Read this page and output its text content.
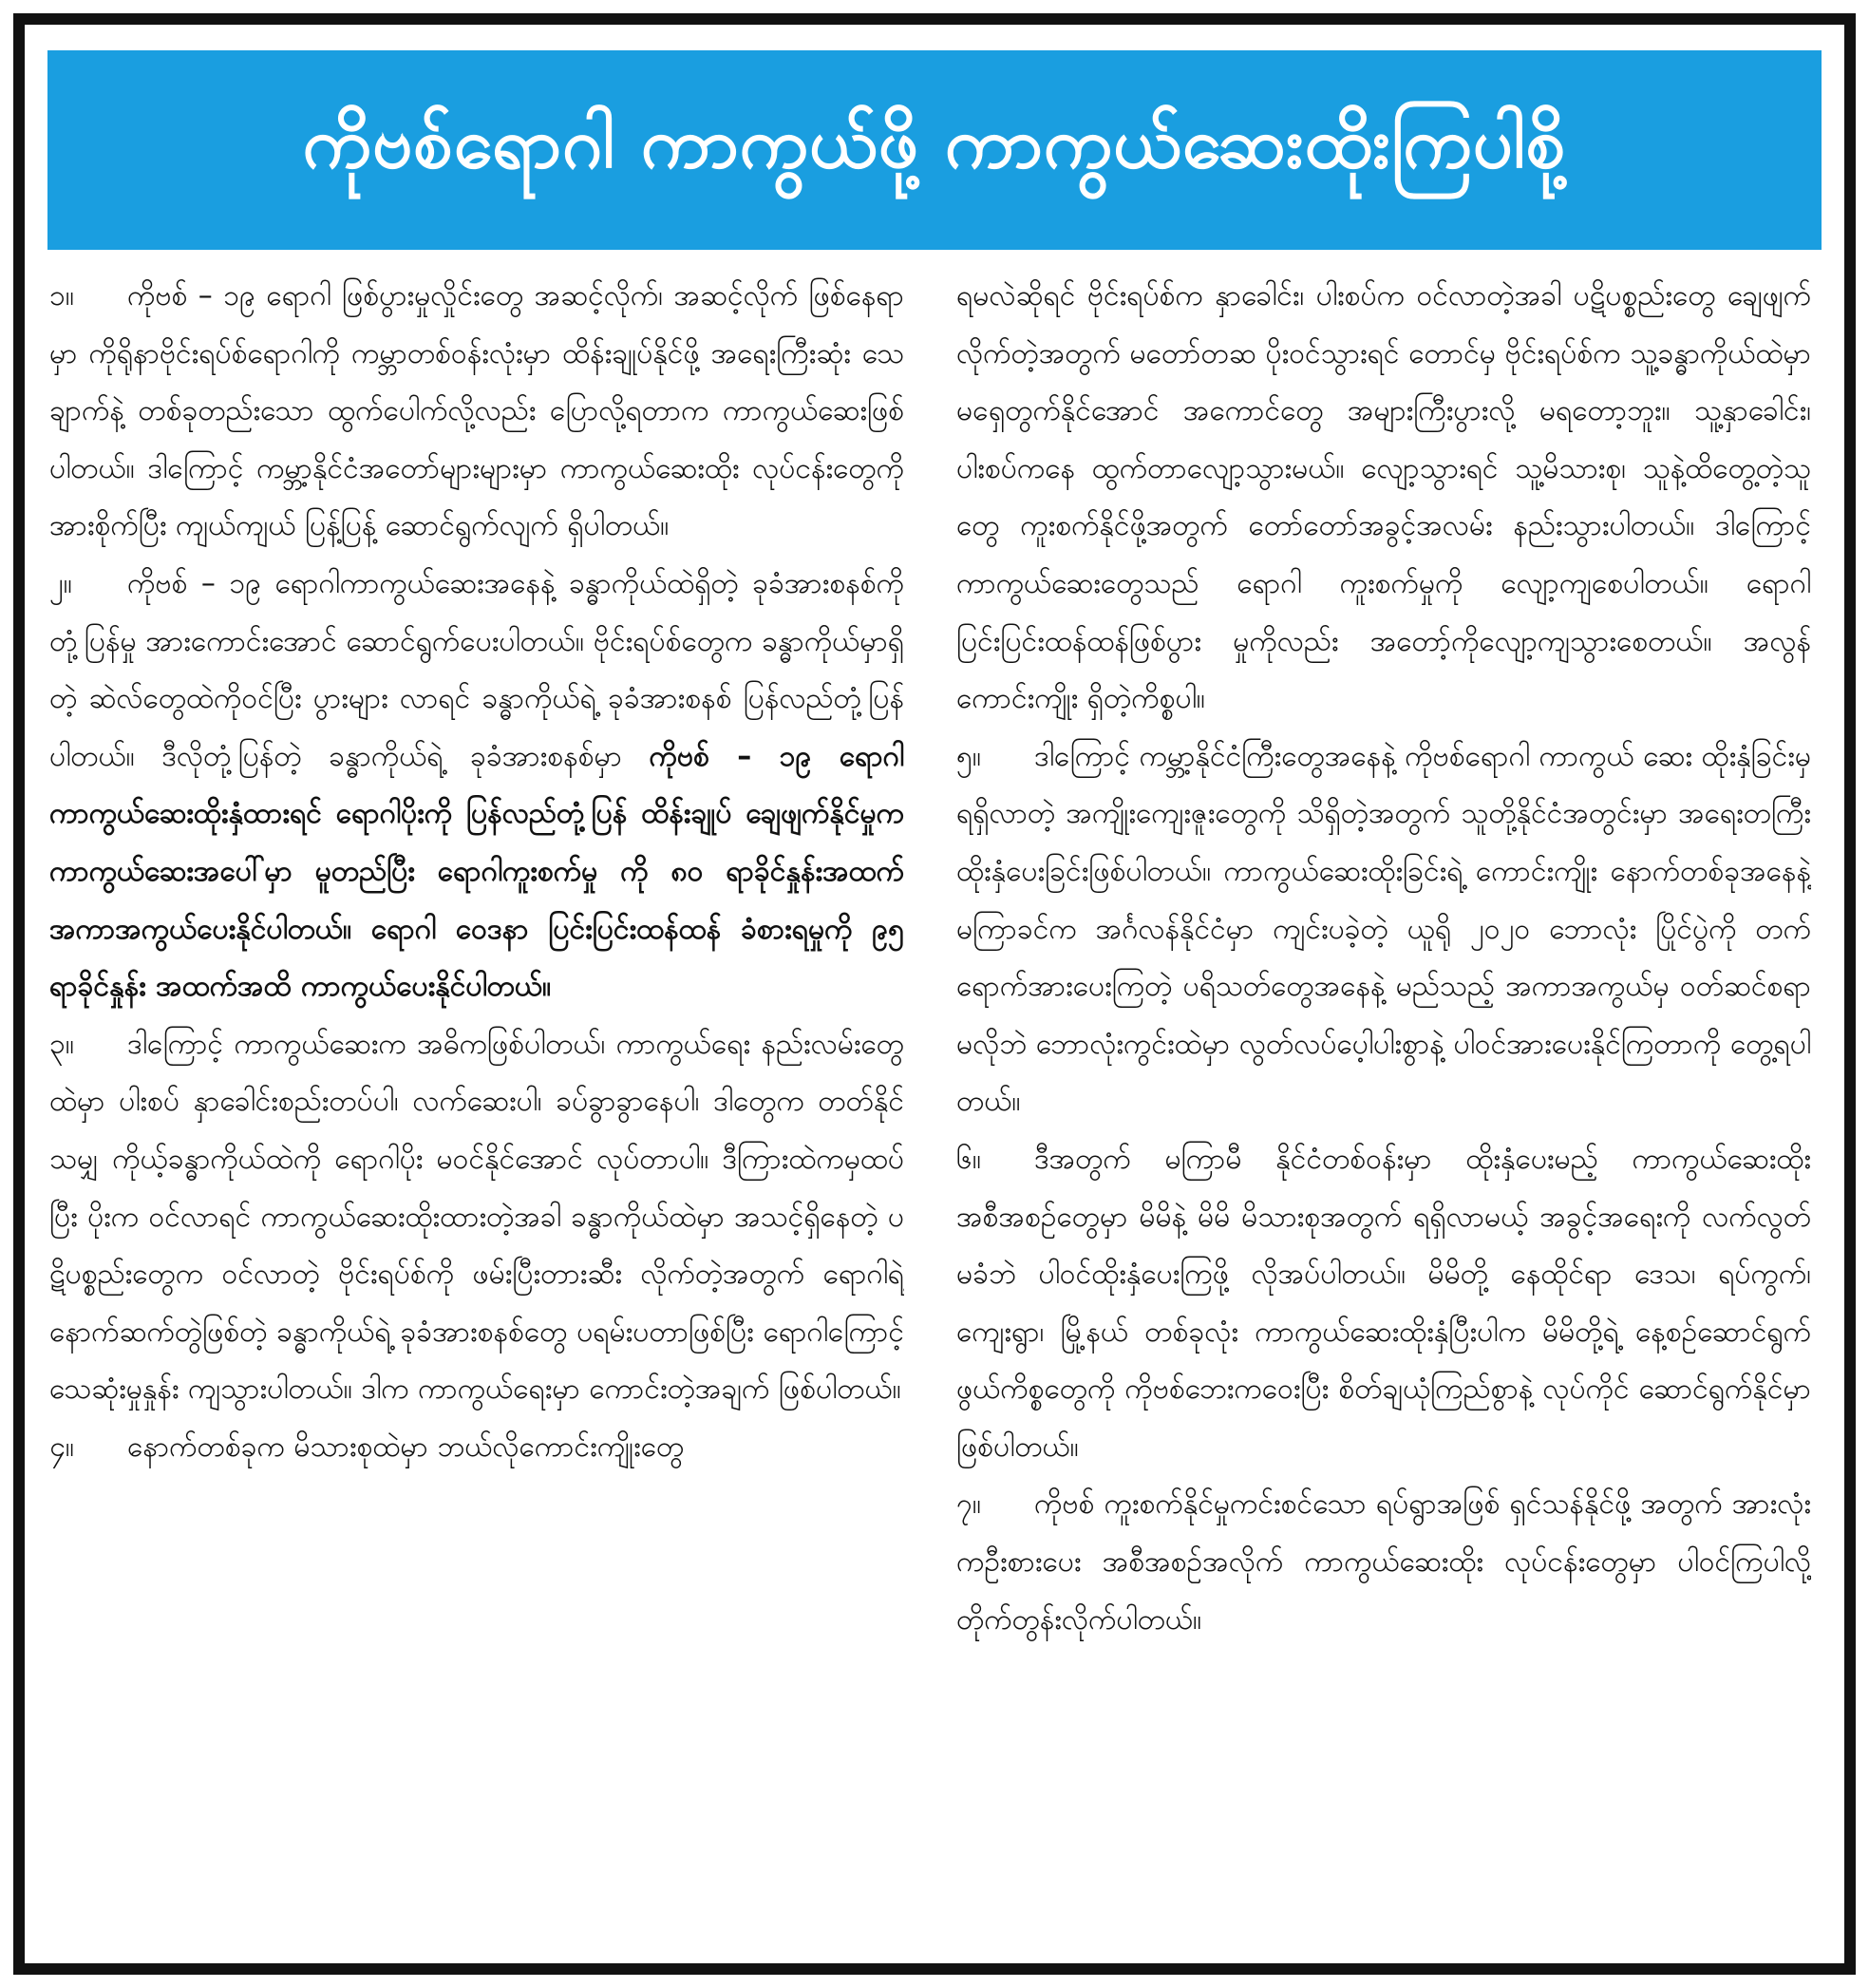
ကိုဗစ်ရောဂါ ကာကွယ်ဖို့ ကာကွယ်ဆေးထိုးကြပါစို့

၁။ ကိုဗစ် – ၁၉ ရောဂါ ဖြစ်ပွားမှုလှိုင်းတွေ အဆင့်လိုက်၊ အဆင့်လိုက် ဖြစ်နေရာမှာ ကိုရိုနာဗိုင်းရပ်စ်ရောဂါကို ကမ္ဘာတစ်ဝန်းလုံးမှာ ထိန်းချုပ်နိုင်ဖို့ အရေးကြီးဆုံး သေချာက်နဲ့ တစ်ခုတည်းသော ထွက်ပေါက်လို့လည်း ပြောလို့ရတာက ကာကွယ်ဆေးဖြစ်ပါတယ်။ ဒါကြောင့် ကမ္ဘာ့နိုင်ငံအတော်များများမှာ ကာကွယ်ဆေးထိုး လုပ်ငန်းတွေကို အားစိုက်ပြီး ကျယ်ကျယ် ပြန့်ပြန့် ဆောင်ရွက်လျက် ရှိပါတယ်။

၂။ ကိုဗစ် – ၁၉ ရောဂါကာကွယ်ဆေးအနေနဲ့ ခန္ဓာကိုယ်ထဲရှိတဲ့ ခုခံအားစနစ်ကို တုံ့ပြန်မှု အားကောင်းအောင် ဆောင်ရွက်ပေးပါတယ်။ ဗိုင်းရပ်စ်တွေက ခန္ဓာကိုယ်မှာရှိတဲ့ ဆဲလ်တွေထဲကိုဝင်ပြီး ပွားများ လာရင် ခန္ဓာကိုယ်ရဲ့ ခုခံအားစနစ် ပြန်လည်တုံ့ပြန်ပါတယ်။ ဒီလိုတုံ့ပြန်တဲ့ ခန္ဓာကိုယ်ရဲ့ ခုခံအားစနစ်မှာ ကိုဗစ် – ၁၉ ရောဂါ ကာကွယ်ဆေးထိုးနှံထားရင် ရောဂါပိုးကို ပြန်လည်တုံ့ပြန် ထိန်းချုပ် ချေဖျက်နိုင်မှုက ကာကွယ်ဆေးအပေါ်မှာ မူတည်ပြီး ရောဂါကူးစက်မှု ကို ၈၀ ရာခိုင်နှုန်းအထက် အကာအကွယ်ပေးနိုင်ပါတယ်။ ရောဂါ ဝေဒနာ ပြင်းပြင်းထန်ထန် ခံစားရမှုကို ၉၅ ရာခိုင်နှုန်း အထက်အထိ ကာကွယ်ပေးနိုင်ပါတယ်။

၃။ ဒါကြောင့် ကာကွယ်ဆေးက အဓိကဖြစ်ပါတယ်၊ ကာကွယ်ရေး နည်းလမ်းတွေထဲမှာ ပါးစပ် နှာခေါင်းစည်းတပ်ပါ၊ လက်ဆေးပါ၊ ခပ်ခွာခွာနေပါ၊ ဒါတွေက တတ်နိုင်သမျှ ကိုယ့်ခန္ဓာကိုယ်ထဲကို ရောဂါပိုး မဝင်နိုင်အောင် လုပ်တာပါ။ ဒီကြားထဲကမှထပ်ပြီး ပိုးက ဝင်လာရင် ကာကွယ်ဆေးထိုးထားတဲ့အခါ ခန္ဓာကိုယ်ထဲမှာ အသင့်ရှိနေတဲ့ ပဋိပစ္စည်းတွေက ဝင်လာတဲ့ ဗိုင်းရပ်စ်ကို ဖမ်းပြီးတားဆီး လိုက်တဲ့အတွက် ရောဂါရဲ့ နောက်ဆက်တွဲဖြစ်တဲ့ ခန္ဓာကိုယ်ရဲ့ ခုခံအားစနစ်တွေ ပရမ်းပတာဖြစ်ပြီး ရောဂါကြောင့် သေဆုံးမှုနှုန်း ကျသွားပါတယ်။ ဒါက ကာကွယ်ရေးမှာ ကောင်းတဲ့အချက် ဖြစ်ပါတယ်။

၄။ နောက်တစ်ခုက မိသားစုထဲမှာ ဘယ်လိုကောင်းကျိုးတွေ

ရမလဲဆိုရင် ဗိုင်းရပ်စ်က နှာခေါင်း၊ ပါးစပ်က ဝင်လာတဲ့အခါ ပဋိပစ္စည်းတွေ ချေဖျက်လိုက်တဲ့အတွက် မတော်တဆ ပိုးဝင်သွားရင် တောင်မှ ဗိုင်းရပ်စ်က သူ့ခန္ဓာကိုယ်ထဲမှာ မရှေတွက်နိုင်အောင် အကောင်တွေ အများကြီးပွားလို့ မရတော့ဘူး။ သူ့နှာခေါင်း၊ ပါးစပ်ကနေ ထွက်တာလျော့သွားမယ်။ လျော့သွားရင် သူ့မိသားစု၊ သူနဲ့ထိတွေ့တဲ့သူတွေ ကူးစက်နိုင်ဖို့အတွက် တော်တော်အခွင့်အလမ်း နည်းသွားပါတယ်။ ဒါကြောင့် ကာကွယ်ဆေးတွေသည် ရောဂါ ကူးစက်မှုကို လျော့ကျစေပါတယ်။ ရောဂါ ပြင်းပြင်းထန်ထန်ဖြစ်ပွား မှုကိုလည်း အတော့်ကိုလျော့ကျသွားစေတယ်။ အလွန်ကောင်းကျိုး ရှိတဲ့ကိစ္စပါ။

၅။ ဒါကြောင့် ကမ္ဘာ့နိုင်ငံကြီးတွေအနေနဲ့ ကိုဗစ်ရောဂါ ကာကွယ် ဆေး ထိုးနှံခြင်းမှရရှိလာတဲ့ အကျိုးကျေးဇူးတွေကို သိရှိတဲ့အတွက် သူတို့နိုင်ငံအတွင်းမှာ အရေးတကြီး ထိုးနှံပေးခြင်းဖြစ်ပါတယ်။ ကာကွယ်ဆေးထိုးခြင်းရဲ့ ကောင်းကျိုး နောက်တစ်ခုအနေနဲ့ မကြာခင်က အင်္ဂလန်နိုင်ငံမှာ ကျင်းပခဲ့တဲ့ ယူရို ၂၀၂၀ ဘောလုံး ပြိုင်ပွဲကို တက်ရောက်အားပေးကြတဲ့ ပရိသတ်တွေအနေနဲ့ မည်သည့် အကာအကွယ်မှ ဝတ်ဆင်စရာမလိုဘဲ ဘောလုံးကွင်းထဲမှာ လွတ်လပ်ပေ့ါပါးစွာနဲ့ ပါဝင်အားပေးနိုင်ကြတာကို တွေ့ရပါတယ်။

၆။ ဒီအတွက် မကြာမီ နိုင်ငံတစ်ဝန်းမှာ ထိုးနှံပေးမည့် ကာကွယ်ဆေးထိုးအစီအစဉ်တွေမှာ မိမိနဲ့ မိမိ မိသားစုအတွက် ရရှိလာမယ့် အခွင့်အရေးကို လက်လွတ်မခံဘဲ ပါဝင်ထိုးနှံပေးကြဖို့ လိုအပ်ပါတယ်။ မိမိတို့ နေထိုင်ရာ ဒေသ၊ ရပ်ကွက်၊ ကျေးရွာ၊ မြို့နယ် တစ်ခုလုံး ကာကွယ်ဆေးထိုးနှံပြီးပါက မိမိတို့ရဲ့ နေ့စဉ်ဆောင်ရွက် ဖွယ်ကိစ္စတွေကို ကိုဗစ်ဘေးကဝေးပြီး စိတ်ချယုံကြည်စွာနဲ့ လုပ်ကိုင် ဆောင်ရွက်နိုင်မှာ ဖြစ်ပါတယ်။

၇။ ကိုဗစ် ကူးစက်နိုင်မှုကင်းစင်သော ရပ်ရွာအဖြစ် ရှင်သန်နိုင်ဖို့ အတွက် အားလုံးကဦးစားပေး အစီအစဉ်အလိုက် ကာကွယ်ဆေးထိုး လုပ်ငန်းတွေမှာ ပါဝင်ကြပါလို့ တိုက်တွန်းလိုက်ပါတယ်။
